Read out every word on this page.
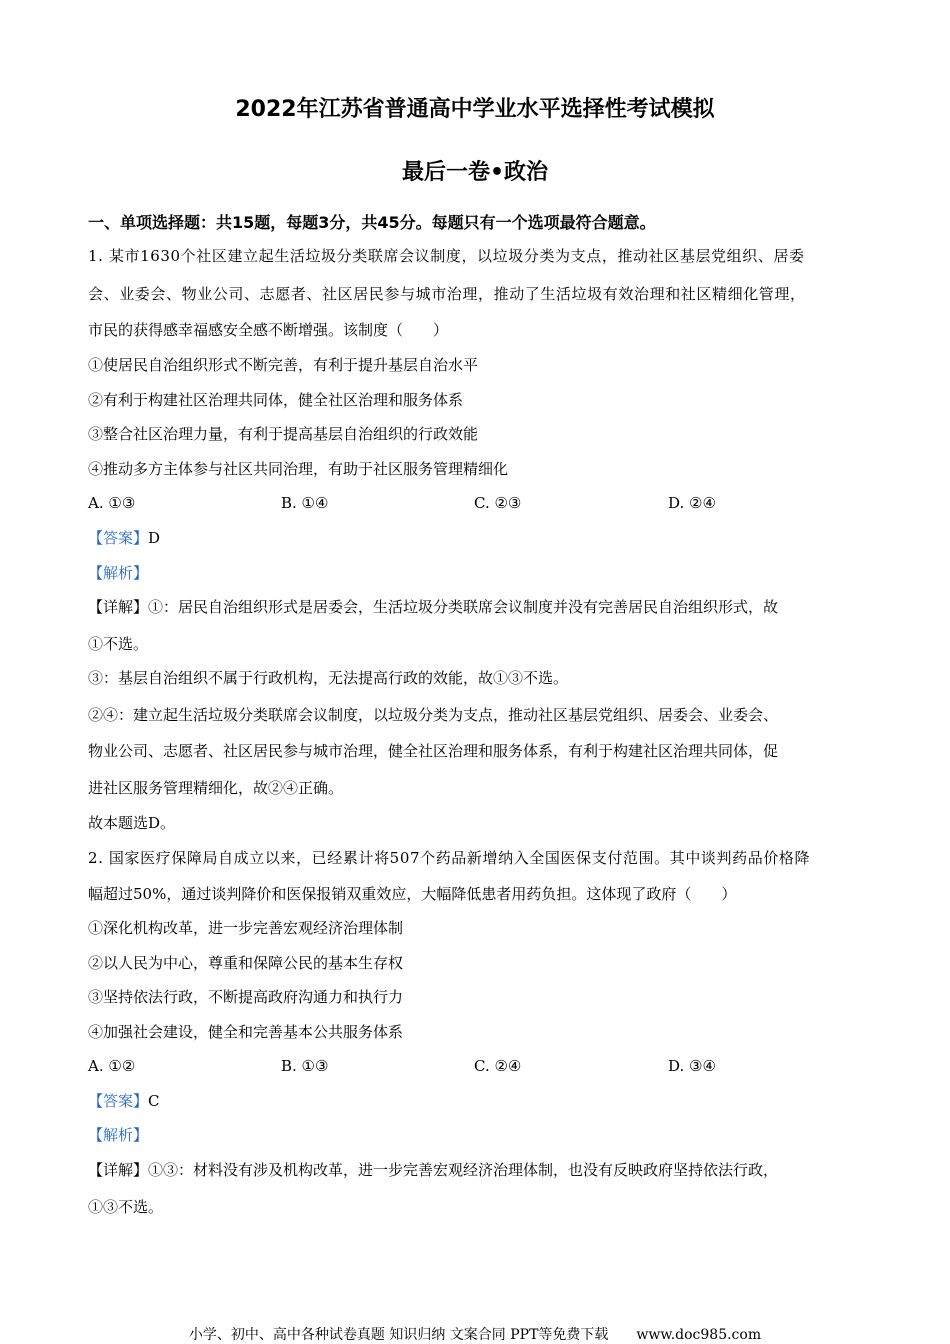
2022年江苏省普通高中学业水平选择性考试模拟
最后一卷•政治
一、单项选择题：共15题，每题3分，共45分。每题只有一个选项最符合题意。
1. 某市1630个社区建立起生活垃圾分类联席会议制度，以垃圾分类为支点，推动社区基层党组织、居委
会、业委会、物业公司、志愿者、社区居民参与城市治理，推动了生活垃圾有效治理和社区精细化管理，
市民的获得感幸福感安全感不断增强。该制度（　　）
①使居民自治组织形式不断完善，有利于提升基层自治水平
②有利于构建社区治理共同体，健全社区治理和服务体系
③整合社区治理力量，有利于提高基层自治组织的行政效能
④推动多方主体参与社区共同治理，有助于社区服务管理精细化
A. ①③	B. ①④	C. ②③	D. ②④
【答案】D
【解析】
【详解】①：居民自治组织形式是居委会，生活垃圾分类联席会议制度并没有完善居民自治组织形式，故
①不选。
③：基层自治组织不属于行政机构，无法提高行政的效能，故①③不选。
②④：建立起生活垃圾分类联席会议制度，以垃圾分类为支点，推动社区基层党组织、居委会、业委会、
物业公司、志愿者、社区居民参与城市治理，健全社区治理和服务体系，有利于构建社区治理共同体，促
进社区服务管理精细化，故②④正确。
故本题选D。
2. 国家医疗保障局自成立以来，已经累计将507个药品新增纳入全国医保支付范围。其中谈判药品价格降
幅超过50%，通过谈判降价和医保报销双重效应，大幅降低患者用药负担。这体现了政府（　　）
①深化机构改革，进一步完善宏观经济治理体制
②以人民为中心，尊重和保障公民的基本生存权
③坚持依法行政，不断提高政府沟通力和执行力
④加强社会建设，健全和完善基本公共服务体系
A. ①②	B. ①③	C. ②④	D. ③④
【答案】C
【解析】
【详解】①③：材料没有涉及机构改革，进一步完善宏观经济治理体制，也没有反映政府坚持依法行政，
①③不选。
小学、初中、高中各种试卷真题 知识归纳 文案合同 PPT等免费下载　　www.doc985.com
